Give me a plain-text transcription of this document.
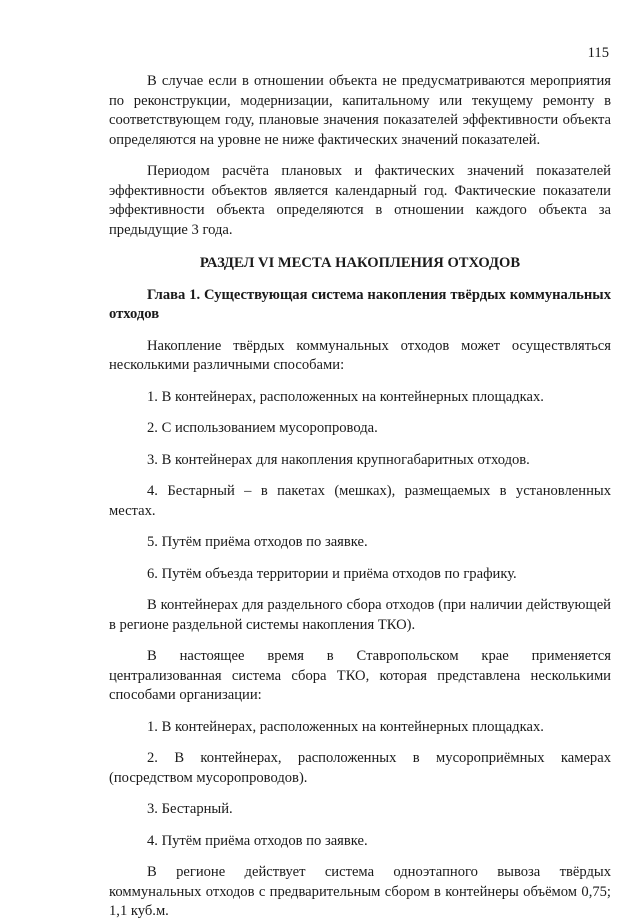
115

В случае если в отношении объекта не предусматриваются мероприятия по реконструкции, модернизации, капитальному или текущему ремонту в соответствующем году, плановые значения показателей эффективности объекта определяются на уровне не ниже фактических значений показателей.

Периодом расчёта плановых и фактических значений показателей эффективности объектов является календарный год. Фактические показатели эффективности объекта определяются в отношении каждого объекта за предыдущие 3 года.

РАЗДЕЛ VI МЕСТА НАКОПЛЕНИЯ ОТХОДОВ

Глава 1. Существующая система накопления твёрдых коммунальных отходов

Накопление твёрдых коммунальных отходов может осуществляться несколькими различными способами:

1. В контейнерах, расположенных на контейнерных площадках.

2. С использованием мусоропровода.

3. В контейнерах для накопления крупногабаритных отходов.

4. Бестарный – в пакетах (мешках), размещаемых в установленных местах.

5. Путём приёма отходов по заявке.

6. Путём объезда территории и приёма отходов по графику.

В контейнерах для раздельного сбора отходов (при наличии действующей в регионе раздельной системы накопления ТКО).

В настоящее время в Ставропольском крае применяется централизованная система сбора ТКО, которая представлена несколькими способами организации:

1. В контейнерах, расположенных на контейнерных площадках.

2. В контейнерах, расположенных в мусороприёмных камерах (посредством мусоропроводов).

3. Бестарный.

4. Путём приёма отходов по заявке.

В регионе действует система одноэтапного вывоза твёрдых коммунальных отходов с предварительным сбором в контейнеры объёмом 0,75; 1,1 куб.м.
